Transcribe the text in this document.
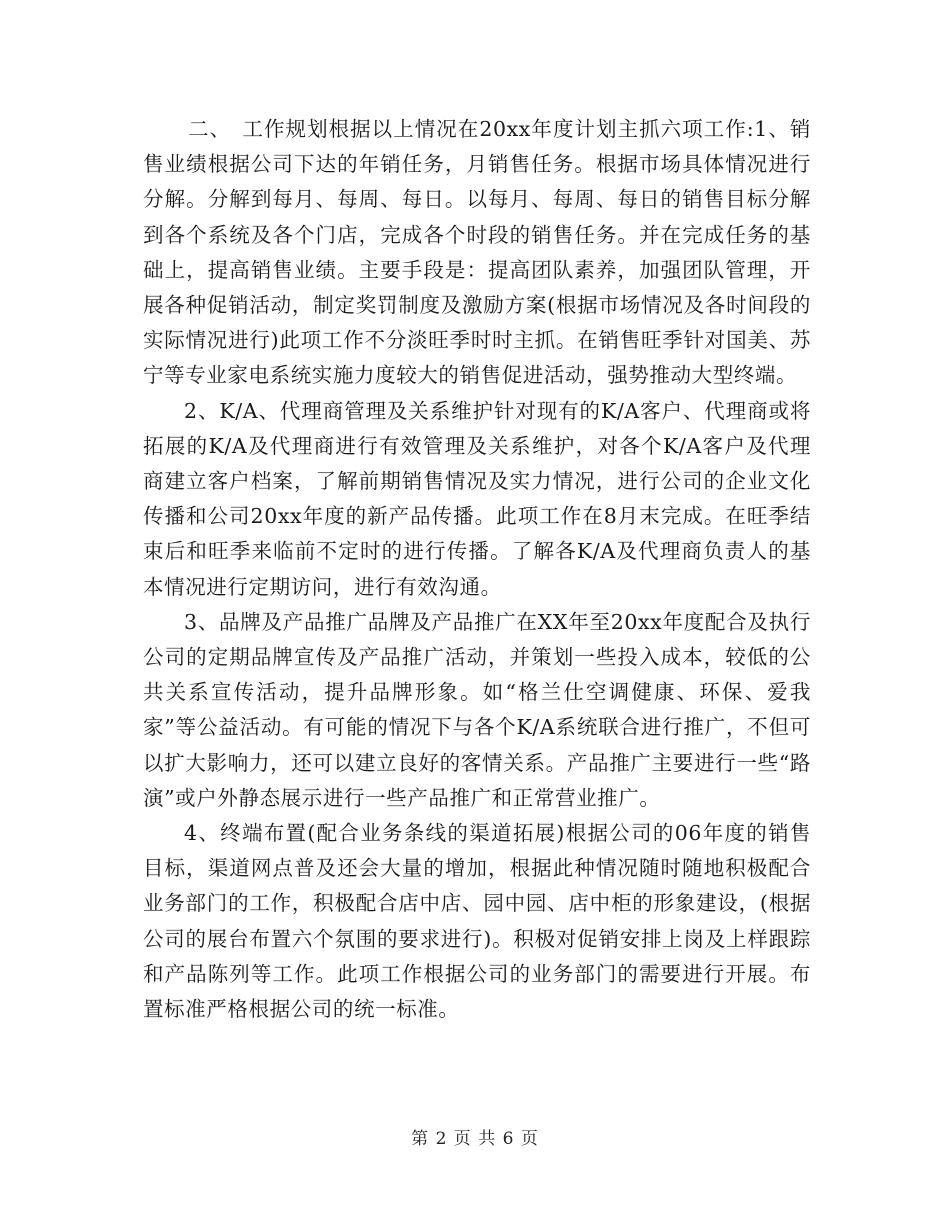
二、　工作规划根据以上情况在20xx年度计划主抓六项工作:1、销售业绩根据公司下达的年销任务，月销售任务。根据市场具体情况进行分解。分解到每月、每周、每日。以每月、每周、每日的销售目标分解到各个系统及各个门店，完成各个时段的销售任务。并在完成任务的基础上，提高销售业绩。主要手段是：提高团队素养，加强团队管理，开展各种促销活动，制定奖罚制度及激励方案(根据市场情况及各时间段的实际情况进行)此项工作不分淡旺季时时主抓。在销售旺季针对国美、苏宁等专业家电系统实施力度较大的销售促进活动，强势推动大型终端。

2、K/A、代理商管理及关系维护针对现有的K/A客户、代理商或将拓展的K/A及代理商进行有效管理及关系维护，对各个K/A客户及代理商建立客户档案，了解前期销售情况及实力情况，进行公司的企业文化传播和公司20xx年度的新产品传播。此项工作在8月末完成。在旺季结束后和旺季来临前不定时的进行传播。了解各K/A及代理商负责人的基本情况进行定期访问，进行有效沟通。

3、品牌及产品推广品牌及产品推广在XX年至20xx年度配合及执行公司的定期品牌宣传及产品推广活动，并策划一些投入成本，较低的公共关系宣传活动，提升品牌形象。如“格兰仕空调健康、环保、爱我家”等公益活动。有可能的情况下与各个K/A系统联合进行推广，不但可以扩大影响力，还可以建立良好的客情关系。产品推广主要进行一些“路演”或户外静态展示进行一些产品推广和正常营业推广。

4、终端布置(配合业务条线的渠道拓展)根据公司的06年度的销售目标，渠道网点普及还会大量的增加，根据此种情况随时随地积极配合业务部门的工作，积极配合店中店、园中园、店中柜的形象建设，(根据公司的展台布置六个氛围的要求进行)。积极对促销安排上岗及上样跟踪和产品陈列等工作。此项工作根据公司的业务部门的需要进行开展。布置标准严格根据公司的统一标准。

第 2 页 共 6 页
